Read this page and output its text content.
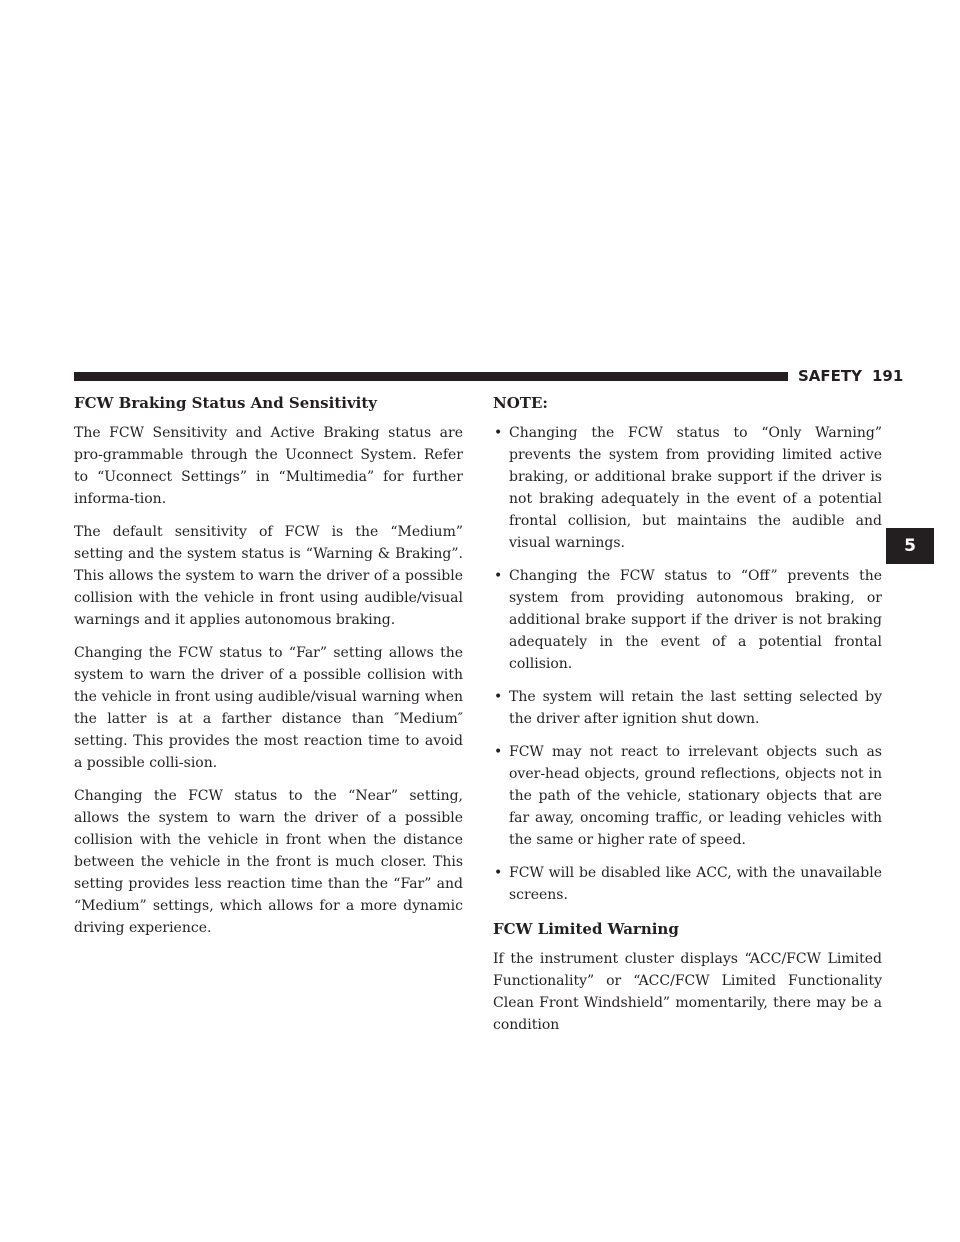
SAFETY 191
5
FCW Braking Status And Sensitivity

The FCW Sensitivity and Active Braking status are pro-grammable through the Uconnect System. Refer to “Uconnect Settings” in “Multimedia” for further informa-tion.

The default sensitivity of FCW is the “Medium” setting and the system status is “Warning & Braking”. This allows the system to warn the driver of a possible collision with the vehicle in front using audible/visual warnings and it applies autonomous braking.

Changing the FCW status to “Far” setting allows the system to warn the driver of a possible collision with the vehicle in front using audible/visual warning when the latter is at a farther distance than ″Medium″ setting. This provides the most reaction time to avoid a possible colli-sion.

Changing the FCW status to the “Near” setting, allows the system to warn the driver of a possible collision with the vehicle in front when the distance between the vehicle in the front is much closer. This setting provides less reaction time than the “Far” and “Medium” settings, which allows for a more dynamic driving experience.

NOTE:
• Changing the FCW status to “Only Warning” prevents the system from providing limited active braking, or additional brake support if the driver is not braking adequately in the event of a potential frontal collision, but maintains the audible and visual warnings.
• Changing the FCW status to “Off” prevents the system from providing autonomous braking, or additional brake support if the driver is not braking adequately in the event of a potential frontal collision.
• The system will retain the last setting selected by the driver after ignition shut down.
• FCW may not react to irrelevant objects such as over-head objects, ground reflections, objects not in the path of the vehicle, stationary objects that are far away, oncoming traffic, or leading vehicles with the same or higher rate of speed.
• FCW will be disabled like ACC, with the unavailable screens.
FCW Limited Warning

If the instrument cluster displays “ACC/FCW Limited Functionality” or “ACC/FCW Limited Functionality Clean Front Windshield” momentarily, there may be a condition
